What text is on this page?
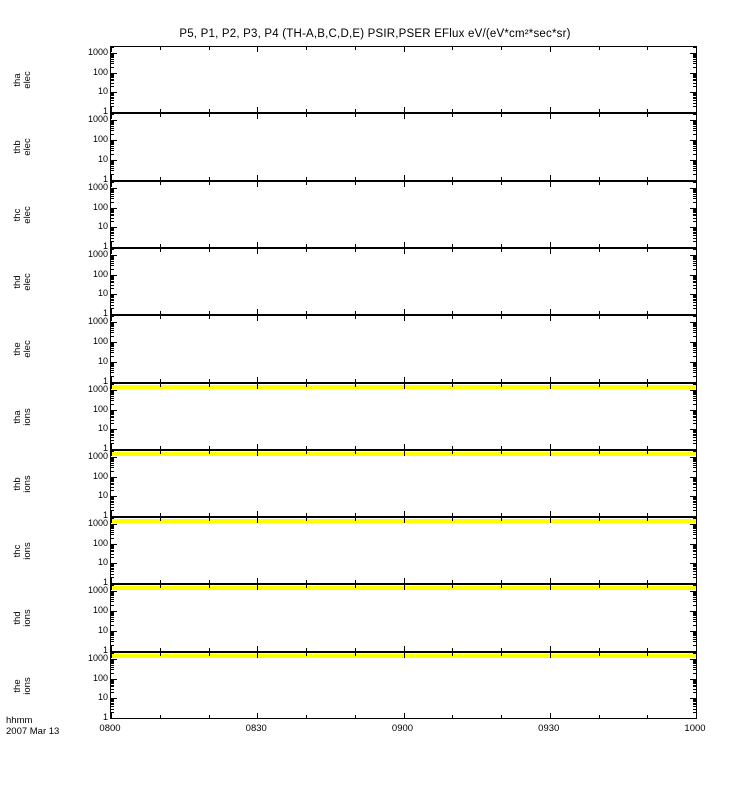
P5, P1, P2, P3, P4 (TH-A,B,C,D,E) PSIR,PSER EFlux eV/(eV*cm²*sec*sr)
1
10
100
1000
tha elec
1
10
100
1000
thb elec
1
10
100
1000
thc elec
1
10
100
1000
thd elec
1
10
100
1000
the elec
1
10
100
1000
tha ions
1
10
100
1000
thb ions
1
10
100
1000
thc ions
1
10
100
1000
thd ions
1
10
100
1000
the ions
0800	0830	0900	0930	1000
hhmm
2007 Mar 13
